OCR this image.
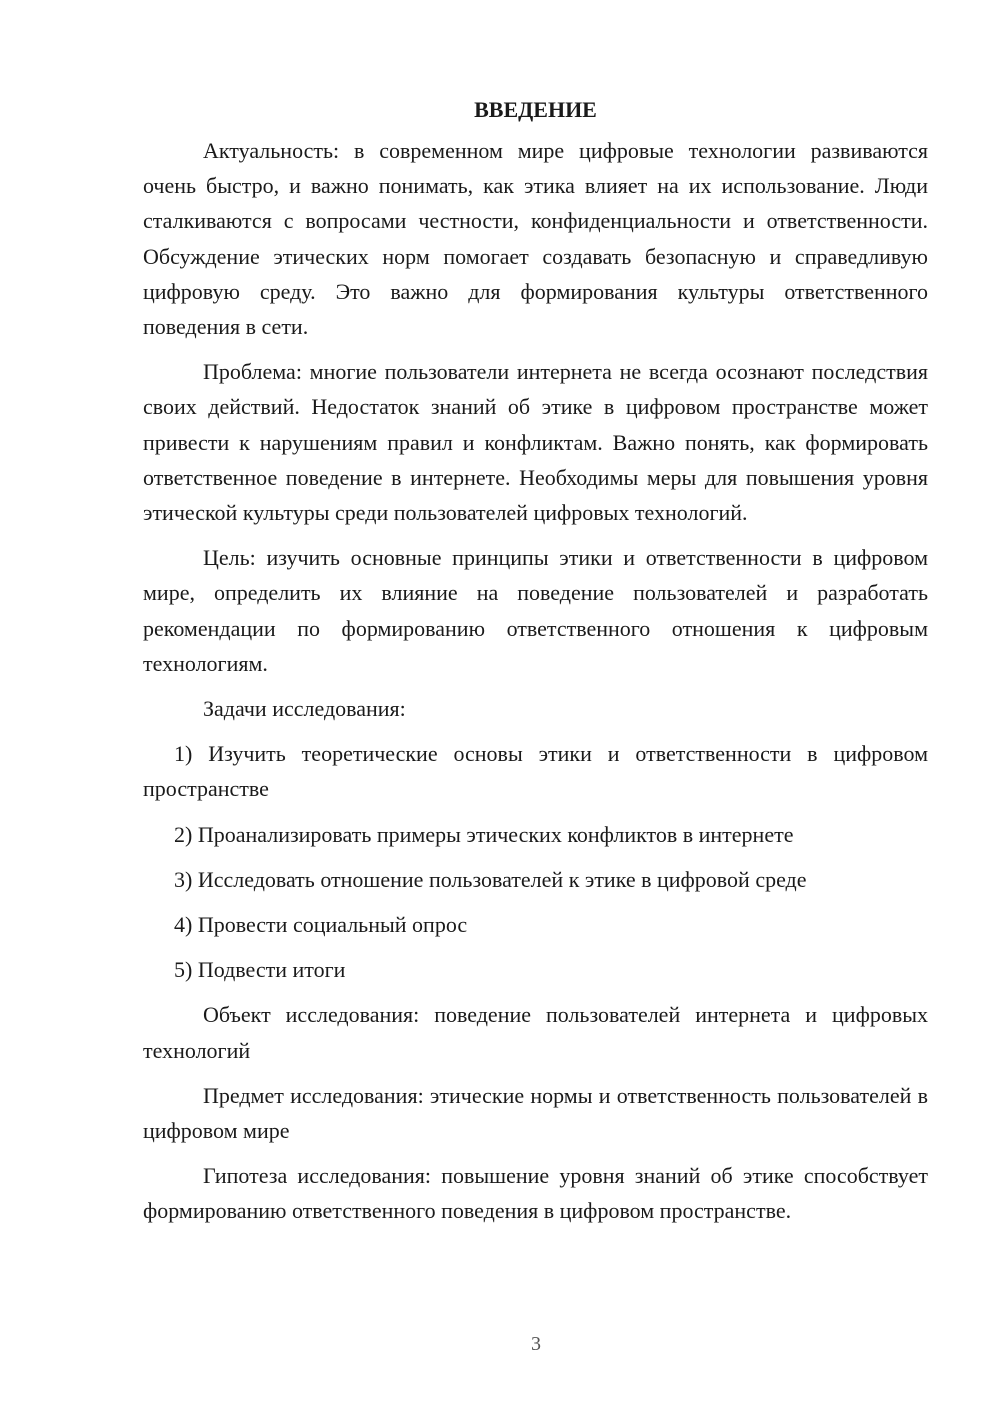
ВВЕДЕНИЕ

Актуальность: в современном мире цифровые технологии развиваются очень быстро, и важно понимать, как этика влияет на их использование. Люди сталкиваются с вопросами честности, конфиденциальности и ответственности. Обсуждение этических норм помогает создавать безопасную и справедливую цифровую среду. Это важно для формирования культуры ответственного поведения в сети.

Проблема: многие пользователи интернета не всегда осознают последствия своих действий. Недостаток знаний об этике в цифровом пространстве может привести к нарушениям правил и конфликтам. Важно понять, как формировать ответственное поведение в интернете. Необходимы меры для повышения уровня этической культуры среди пользователей цифровых технологий.

Цель: изучить основные принципы этики и ответственности в цифровом мире, определить их влияние на поведение пользователей и разработать рекомендации по формированию ответственного отношения к цифровым технологиям.

Задачи исследования:

1) Изучить теоретические основы этики и ответственности в цифровом пространстве

2) Проанализировать примеры этических конфликтов в интернете

3) Исследовать отношение пользователей к этике в цифровой среде

4) Провести социальный опрос

5) Подвести итоги

Объект исследования: поведение пользователей интернета и цифровых технологий

Предмет исследования: этические нормы и ответственность пользователей в цифровом мире

Гипотеза исследования: повышение уровня знаний об этике способствует формированию ответственного поведения в цифровом пространстве.

3
